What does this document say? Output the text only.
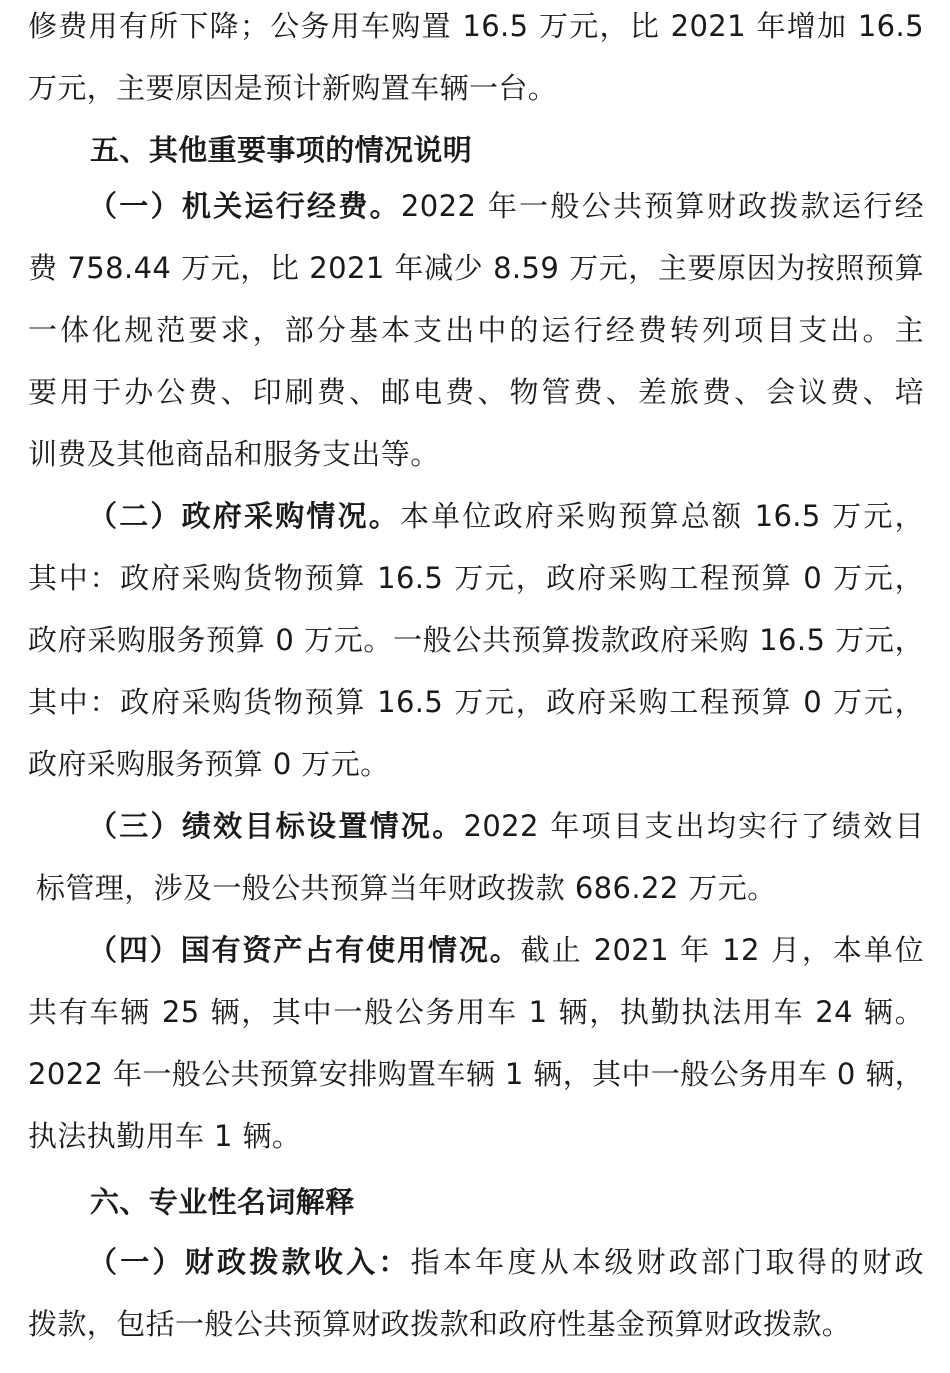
修费用有所下降；公务用车购置 16.5 万元，比 2021 年增加 16.5
万元，主要原因是预计新购置车辆一台。
五、其他重要事项的情况说明
（一）机关运行经费。2022 年一般公共预算财政拨款运行经
费 758.44 万元，比 2021 年减少 8.59 万元，主要原因为按照预算
一体化规范要求，部分基本支出中的运行经费转列项目支出。主
要用于办公费、印刷费、邮电费、物管费、差旅费、会议费、培
训费及其他商品和服务支出等。
（二）政府采购情况。本单位政府采购预算总额 16.5 万元，
其中：政府采购货物预算 16.5 万元，政府采购工程预算 0 万元，
政府采购服务预算 0 万元。一般公共预算拨款政府采购 16.5 万元，
其中：政府采购货物预算 16.5 万元，政府采购工程预算 0 万元，
政府采购服务预算 0 万元。
（三）绩效目标设置情况。2022 年项目支出均实行了绩效目
标管理，涉及一般公共预算当年财政拨款 686.22 万元。
（四）国有资产占有使用情况。截止 2021 年 12 月，本单位
共有车辆 25 辆，其中一般公务用车 1 辆，执勤执法用车 24 辆。
2022 年一般公共预算安排购置车辆 1 辆，其中一般公务用车 0 辆，
执法执勤用车 1 辆。
六、专业性名词解释
（一）财政拨款收入：指本年度从本级财政部门取得的财政
拨款，包括一般公共预算财政拨款和政府性基金预算财政拨款。
